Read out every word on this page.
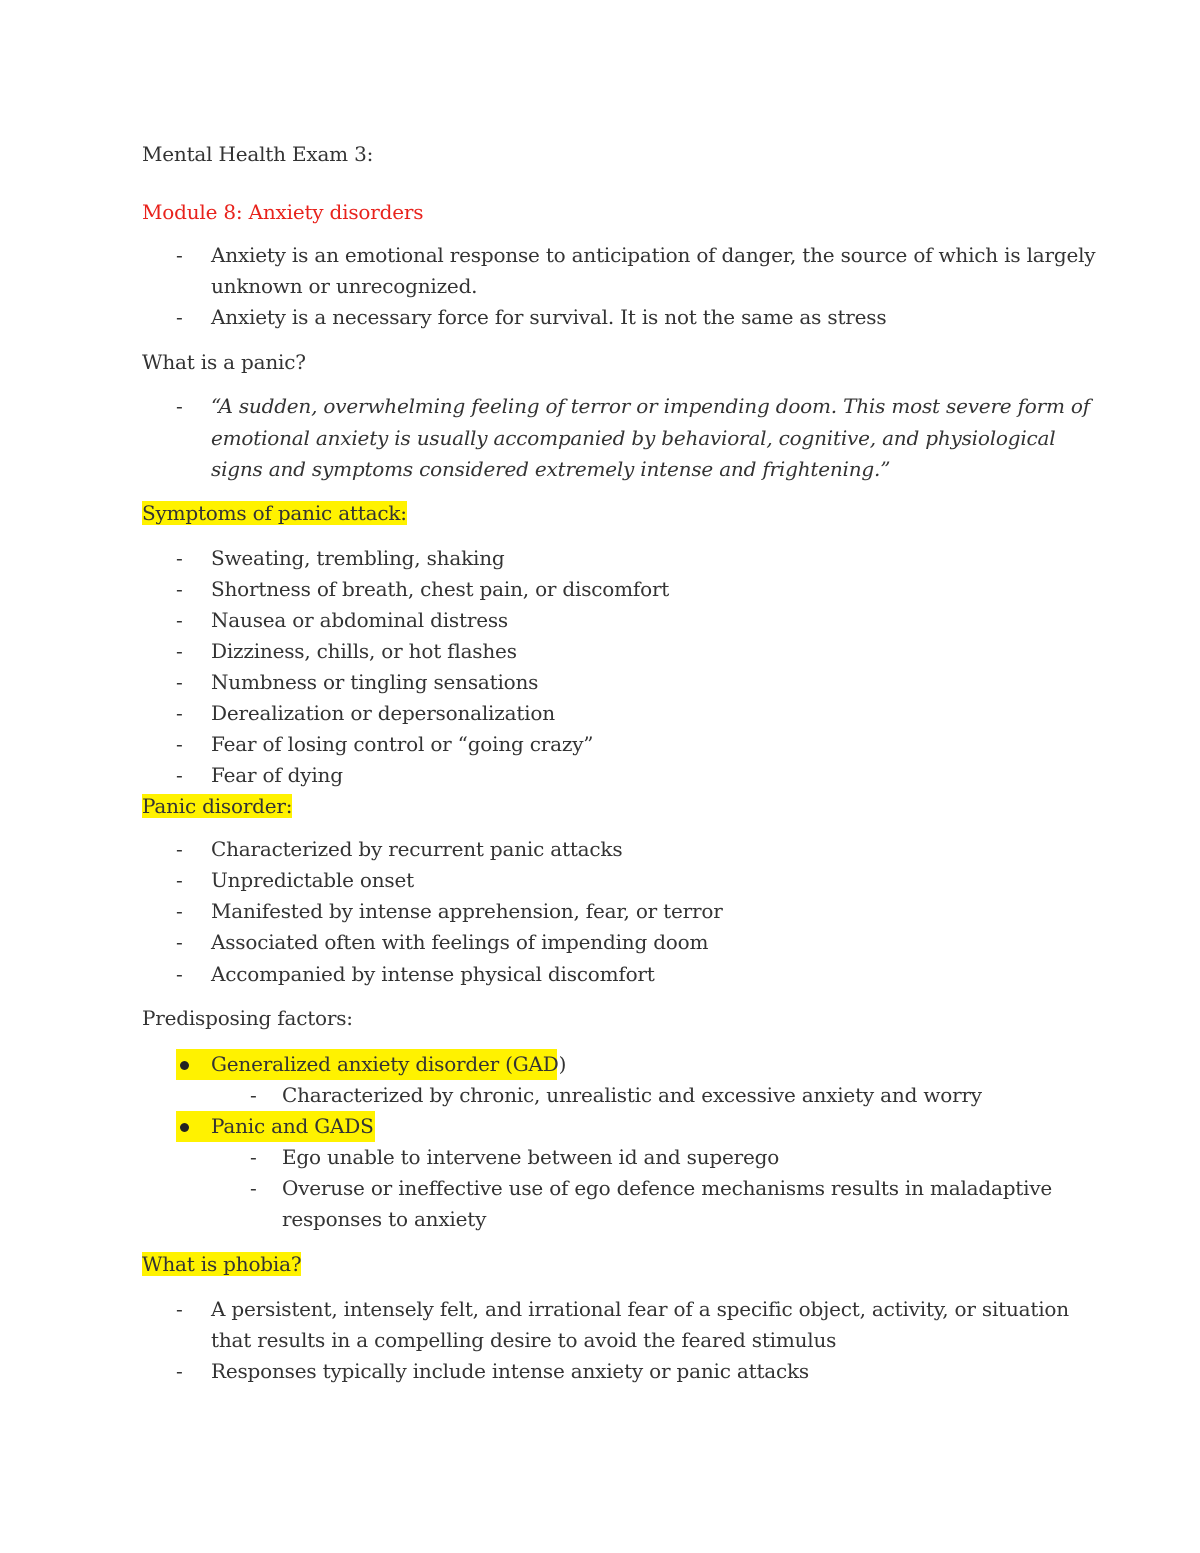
Mental Health Exam 3:
Module 8: Anxiety disorders
- Anxiety is an emotional response to anticipation of danger, the source of which is largely
unknown or unrecognized.
- Anxiety is a necessary force for survival. It is not the same as stress
What is a panic?
- “A sudden, overwhelming feeling of terror or impending doom. This most severe form of
emotional anxiety is usually accompanied by behavioral, cognitive, and physiological
signs and symptoms considered extremely intense and frightening.”
Symptoms of panic attack:
- Sweating, trembling, shaking
- Shortness of breath, chest pain, or discomfort
- Nausea or abdominal distress
- Dizziness, chills, or hot flashes
- Numbness or tingling sensations
- Derealization or depersonalization
- Fear of losing control or “going crazy”
- Fear of dying
Panic disorder:
- Characterized by recurrent panic attacks
- Unpredictable onset
- Manifested by intense apprehension, fear, or terror
- Associated often with feelings of impending doom
- Accompanied by intense physical discomfort
Predisposing factors:
Generalized anxiety disorder (GAD)
- Characterized by chronic, unrealistic and excessive anxiety and worry
Panic and GADS
- Ego unable to intervene between id and superego
- Overuse or ineffective use of ego defence mechanisms results in maladaptive
responses to anxiety
What is phobia?
- A persistent, intensely felt, and irrational fear of a specific object, activity, or situation
that results in a compelling desire to avoid the feared stimulus
- Responses typically include intense anxiety or panic attacks
